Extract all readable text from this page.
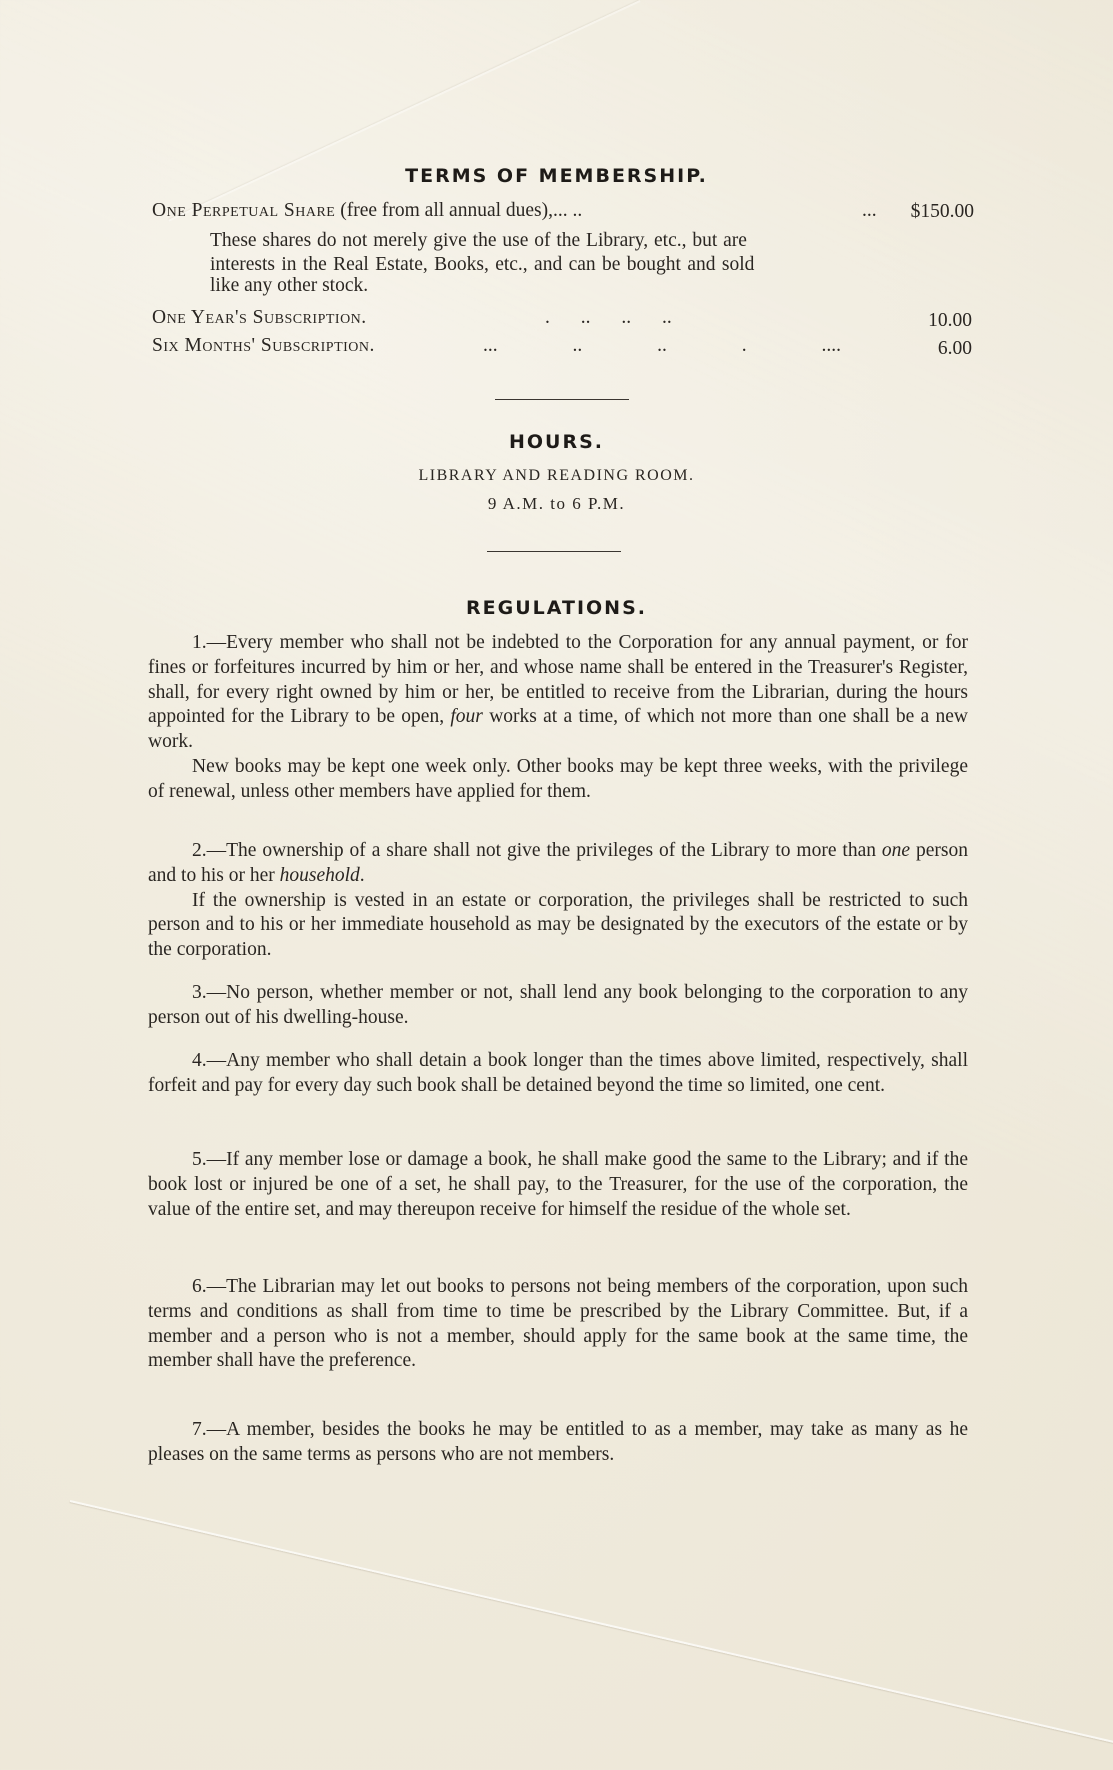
TERMS OF MEMBERSHIP.
One Perpetual Share (free from all annual dues),... ..	...	$150.00
These shares do not merely give the use of the Library, etc., but are
interests in the Real Estate, Books, etc., and can be bought and sold
like any other stock.
One Year's Subscription.	. .. .. ..	10.00
Six Months' Subscription.	... .. .. . ....	6.00
HOURS.
LIBRARY AND READING ROOM.
9 A.M. to 6 P.M.
REGULATIONS.

1.—Every member who shall not be indebted to the Corporation for any annual payment, or for fines or forfeitures incurred by him or her, and whose name shall be entered in the Treasurer's Register, shall, for every right owned by him or her, be entitled to receive from the Librarian, during the hours appointed for the Library to be open, four works at a time, of which not more than one shall be a new work.

New books may be kept one week only. Other books may be kept three weeks, with the privilege of renewal, unless other members have applied for them.

2.—The ownership of a share shall not give the privileges of the Library to more than one person and to his or her household.

If the ownership is vested in an estate or corporation, the privileges shall be restricted to such person and to his or her immediate household as may be designated by the executors of the estate or by the corporation.

3.—No person, whether member or not, shall lend any book belonging to the corporation to any person out of his dwelling-house.

4.—Any member who shall detain a book longer than the times above limited, respectively, shall forfeit and pay for every day such book shall be detained beyond the time so limited, one cent.

5.—If any member lose or damage a book, he shall make good the same to the Library; and if the book lost or injured be one of a set, he shall pay, to the Treasurer, for the use of the corporation, the value of the entire set, and may thereupon receive for himself the residue of the whole set.

6.—The Librarian may let out books to persons not being members of the corporation, upon such terms and conditions as shall from time to time be prescribed by the Library Committee. But, if a member and a person who is not a member, should apply for the same book at the same time, the member shall have the preference.

7.—A member, besides the books he may be entitled to as a member, may take as many as he pleases on the same terms as persons who are not members.
